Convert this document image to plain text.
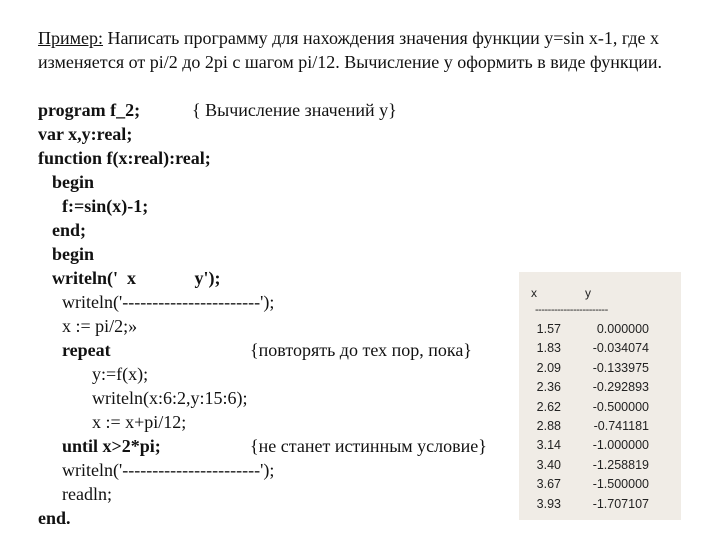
Пример: Написать программу для нахождения значения функции y=sin x-1, где x изменяется от pi/2 до 2pi с шагом pi/12. Вычисление y оформить в виде функции.
program f_2;	{ Вычисление значений y}
var x,y:real;
function f(x:real):real;
begin
f:=sin(x)-1;
end;
begin
writeln('  x             y');
writeln('-----------------------');
x := pi/2;»
repeat	{повторять до тех пор, пока}
y:=f(x);
writeln(x:6:2,y:15:6);
x := x+pi/12;
until x>2*pi;	{не станет истинным условие}
writeln('-----------------------');
readln;
end.
x	y
-----------------------
1.57	0.000000
1.83	-0.034074
2.09	-0.133975
2.36	-0.292893
2.62	-0.500000
2.88	-0.741181
3.14	-1.000000
3.40	-1.258819
3.67	-1.500000
3.93	-1.707107
